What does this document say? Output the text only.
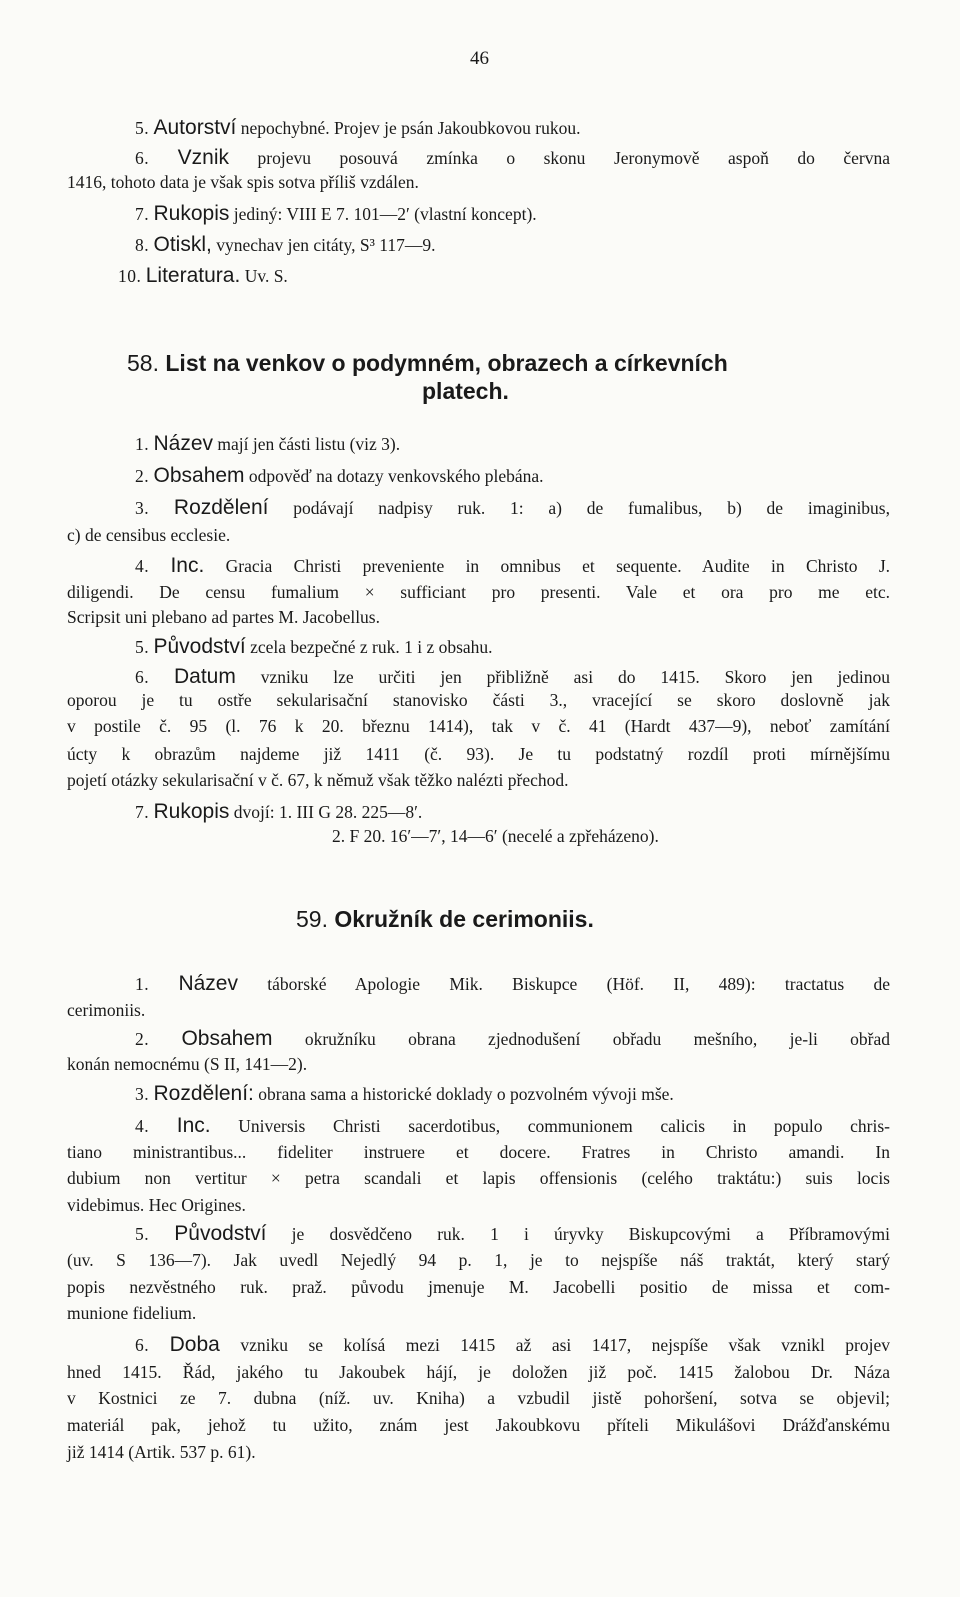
46
5. Autorství nepochybné. Projev je psán Jakoubkovou rukou.
6. Vznik projevu posouvá zmínka o skonu Jeronymově aspoň do června
1416, tohoto data je však spis sotva příliš vzdálen.
7. Rukopis jediný: VIII E 7. 101—2′ (vlastní koncept).
8. Otiskl, vynechav jen citáty, S³ 117—9.
10. Literatura. Uv. S.
58. List na venkov o podymném, obrazech a církevních
platech.
1. Název mají jen části listu (viz 3).
2. Obsahem odpověď na dotazy venkovského plebána.
3. Rozdělení podávají nadpisy ruk. 1: a) de fumalibus, b) de imaginibus,
c) de censibus ecclesie.
4. Inc. Gracia Christi preveniente in omnibus et sequente. Audite in Christo J.
diligendi. De censu fumalium × sufficiant pro presenti. Vale et ora pro me etc.
Scripsit uni plebano ad partes M. Jacobellus.
5. Původství zcela bezpečné z ruk. 1 i z obsahu.
6. Datum vzniku lze určiti jen přibližně asi do 1415. Skoro jen jedinou
oporou je tu ostře sekularisační stanovisko části 3., vracející se skoro doslovně jak
v postile č. 95 (l. 76 k 20. březnu 1414), tak v č. 41 (Hardt 437—9), neboť zamítání
úcty k obrazům najdeme již 1411 (č. 93). Je tu podstatný rozdíl proti mírnějšímu
pojetí otázky sekularisační v č. 67, k němuž však těžko nalézti přechod.
7. Rukopis dvojí: 1. III G 28. 225—8′.
2. F 20. 16′—7′, 14—6′ (necelé a zpřeházeno).
59. Okružník de cerimoniis.
1. Název táborské Apologie Mik. Biskupce (Höf. II, 489): tractatus de
cerimoniis.
2. Obsahem okružníku obrana zjednodušení obřadu mešního, je-li obřad
konán nemocnému (S II, 141—2).
3. Rozdělení: obrana sama a historické doklady o pozvolném vývoji mše.
4. Inc. Universis Christi sacerdotibus, communionem calicis in populo chris-
tiano ministrantibus... fideliter instruere et docere. Fratres in Christo amandi. In
dubium non vertitur × petra scandali et lapis offensionis (celého traktátu:) suis locis
videbimus. Hec Origines.
5. Původství je dosvědčeno ruk. 1 i úryvky Biskupcovými a Příbramovými
(uv. S 136—7). Jak uvedl Nejedlý 94 p. 1, je to nejspíše náš traktát, který starý
popis nezvěstného ruk. praž. původu jmenuje M. Jacobelli positio de missa et com-
munione fidelium.
6. Doba vzniku se kolísá mezi 1415 až asi 1417, nejspíše však vznikl projev
hned 1415. Řád, jakého tu Jakoubek hájí, je doložen již poč. 1415 žalobou Dr. Náza
v Kostnici ze 7. dubna (níž. uv. Kniha) a vzbudil jistě pohoršení, sotva se objevil;
materiál pak, jehož tu užito, znám jest Jakoubkovu příteli Mikulášovi Drážďanskému
již 1414 (Artik. 537 p. 61).
